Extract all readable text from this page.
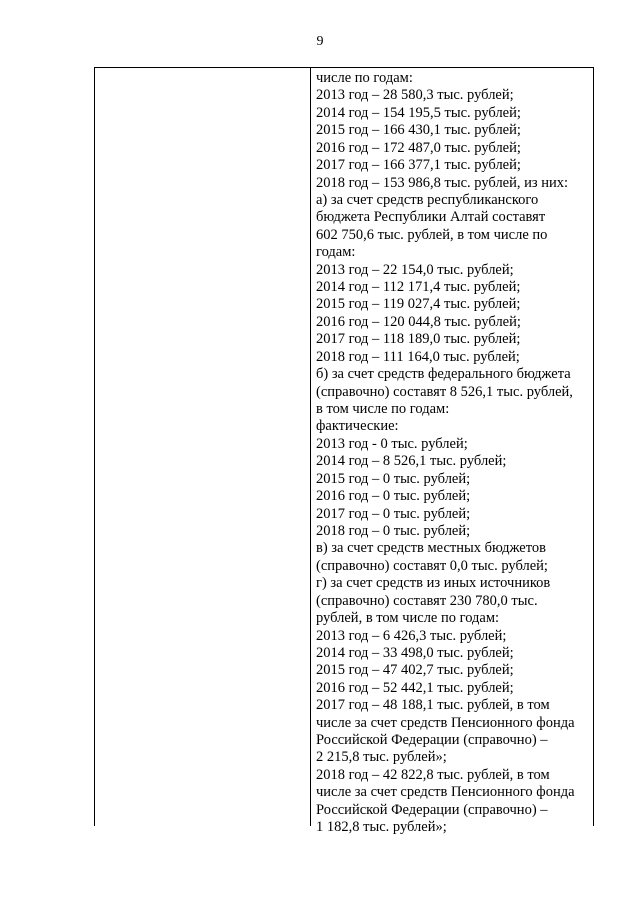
9
числе по годам:
2013 год – 28 580,3 тыс. рублей;
2014 год – 154 195,5 тыс. рублей;
2015 год – 166 430,1 тыс. рублей;
2016 год – 172 487,0 тыс. рублей;
2017 год – 166 377,1 тыс. рублей;
2018 год – 153 986,8 тыс. рублей, из них:
а) за счет средств республиканского
бюджета Республики Алтай составят
602 750,6 тыс. рублей, в том числе по
годам:
2013 год – 22 154,0 тыс. рублей;
2014 год – 112 171,4 тыс. рублей;
2015 год – 119 027,4 тыс. рублей;
2016 год – 120 044,8 тыс. рублей;
2017 год – 118 189,0 тыс. рублей;
2018 год – 111 164,0 тыс. рублей;
б) за счет средств федерального бюджета
(справочно) составят 8 526,1 тыс. рублей,
в том числе по годам:
фактические:
2013 год - 0 тыс. рублей;
2014 год – 8 526,1 тыс. рублей;
2015 год – 0 тыс. рублей;
2016 год – 0 тыс. рублей;
2017 год – 0 тыс. рублей;
2018 год – 0 тыс. рублей;
в) за счет средств местных бюджетов
(справочно) составят 0,0 тыс. рублей;
г) за счет средств из иных источников
(справочно) составят 230 780,0 тыс.
рублей, в том числе по годам:
2013 год – 6 426,3 тыс. рублей;
2014 год – 33 498,0 тыс. рублей;
2015 год – 47 402,7 тыс. рублей;
2016 год – 52 442,1 тыс. рублей;
2017 год – 48 188,1 тыс. рублей, в том
числе за счет средств Пенсионного фонда
Российской Федерации (справочно) –
2 215,8 тыс. рублей»;
2018 год – 42 822,8 тыс. рублей, в том
числе за счет средств Пенсионного фонда
Российской Федерации (справочно) –
1 182,8 тыс. рублей»;
